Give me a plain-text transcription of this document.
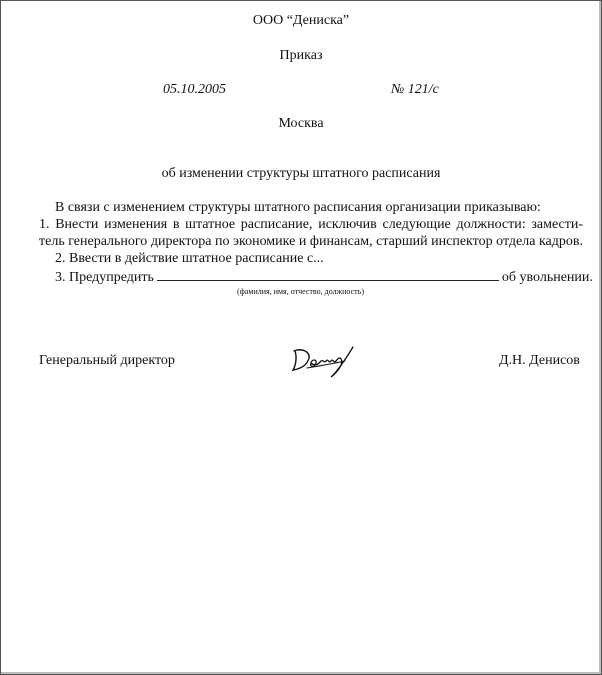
ООО “Дениска”
Приказ
05.10.2005	№ 121/с
Москва
об изменении структуры штатного расписания
В связи с изменением структуры штатного расписания организации приказываю:
1. Внести изменения в штатное расписание, исключив следующие должности: замести-
тель генерального директора по экономике и финансам, старший инспектор отдела кадров.
2. Ввести в действие штатное расписание с...
3. Предупредить	об увольнении.
(фамилия, имя, отчество, должность)
Генеральный директор	Д.Н. Денисов
